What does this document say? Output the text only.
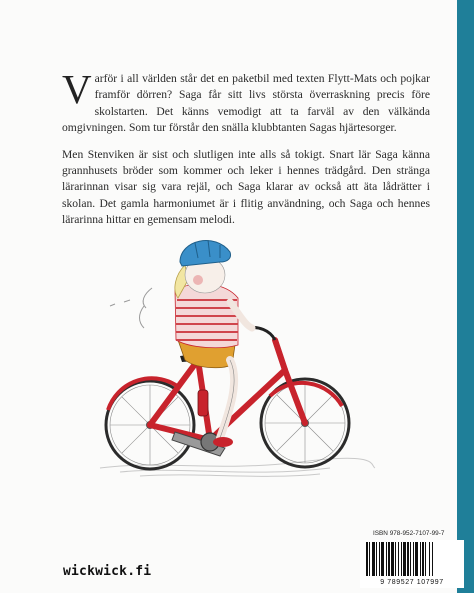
Varför i all världen står det en paketbil med texten Flytt-Mats och pojkar framför dörren? Saga får sitt livs största överraskning precis före skolstarten. Det känns vemodigt att ta farväl av den välkända omgivningen. Som tur förstår den snälla klubbtanten Sagas hjärtesorger.

Men Stenviken är sist och slutligen inte alls så tokigt. Snart lär Saga känna grannhusets bröder som kommer och leker i hennes trädgård. Den stränga lärarinnan visar sig vara rejäl, och Saga klarar av också att äta lådrätter i skolan. Det gamla harmoniumet är i flitig användning, och Saga och hennes lärarinna hittar en gemensam melodi.

ISBN 978-952-7107-99-7
9 789527 107997
wickwick.fi
